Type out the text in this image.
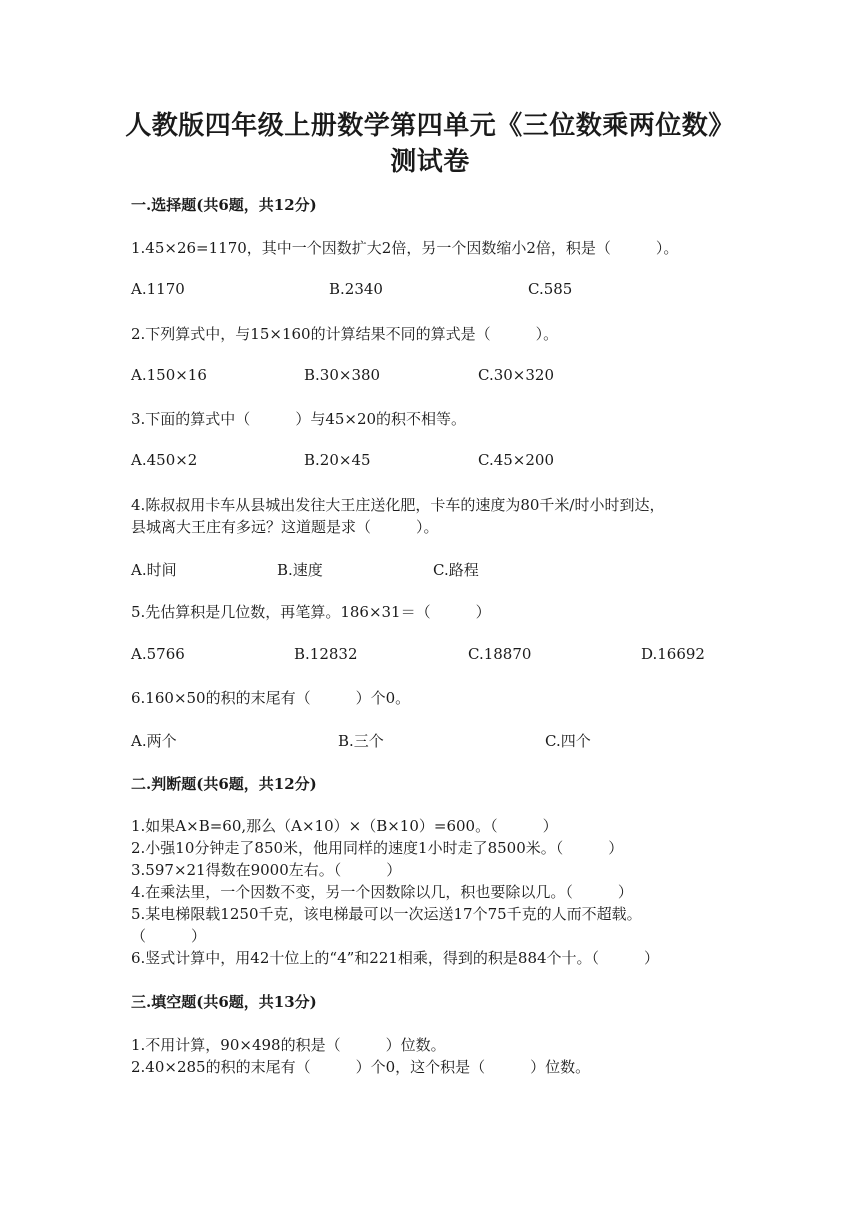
人教版四年级上册数学第四单元《三位数乘两位数》
测试卷
一.选择题(共6题，共12分)
1.45×26=1170，其中一个因数扩大2倍，另一个因数缩小2倍，积是（　　　）。
A.1170	B.2340	C.585
2.下列算式中，与15×160的计算结果不同的算式是（　　　）。
A.150×16	B.30×380	C.30×320
3.下面的算式中（　　　）与45×20的积不相等。
A.450×2	B.20×45	C.45×200
4.陈叔叔用卡车从县城出发往大王庄送化肥，卡车的速度为80千米/时小时到达，
县城离大王庄有多远？这道题是求（　　　）。
A.时间	B.速度	C.路程
5.先估算积是几位数，再笔算。186×31＝（　　　）
A.5766	B.12832	C.18870	D.16692
6.160×50的积的末尾有（　　　）个0。
A.两个	B.三个	C.四个
二.判断题(共6题，共12分)
1.如果A×B=60,那么（A×10）×（B×10）=600。（　　　）
2.小强10分钟走了850米，他用同样的速度1小时走了8500米。（　　　）
3.597×21得数在9000左右。（　　　）
4.在乘法里，一个因数不变，另一个因数除以几，积也要除以几。（　　　）
5.某电梯限载1250千克，该电梯最可以一次运送17个75千克的人而不超载。
（　　　）
6.竖式计算中，用42十位上的“4”和221相乘，得到的积是884个十。（　　　）
三.填空题(共6题，共13分)
1.不用计算，90×498的积是（　　　）位数。
2.40×285的积的末尾有（　　　）个0，这个积是（　　　）位数。
